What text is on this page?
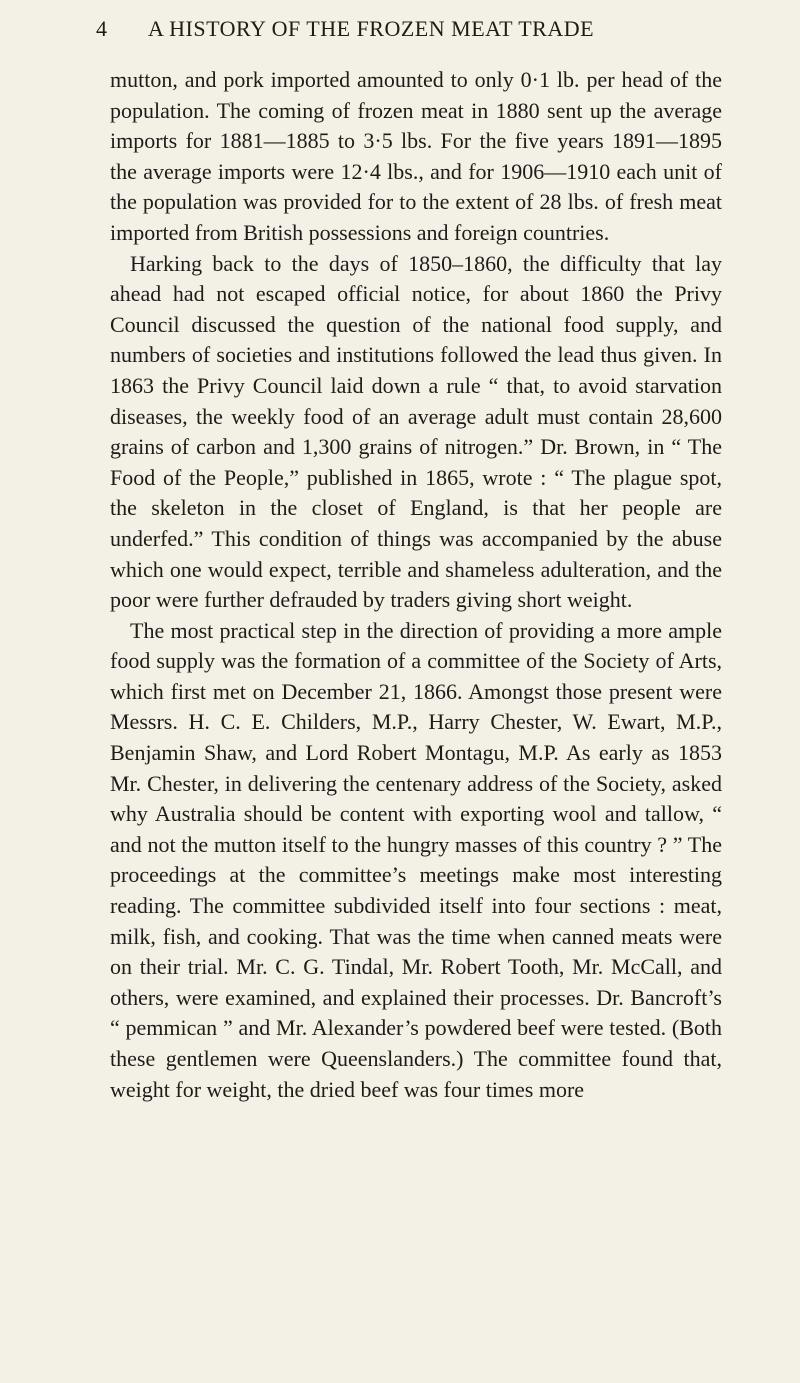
4 A HISTORY OF THE FROZEN MEAT TRADE

mutton, and pork imported amounted to only 0·1 lb. per head of the population. The coming of frozen meat in 1880 sent up the average imports for 1881—1885 to 3·5 lbs. For the five years 1891—1895 the average imports were 12·4 lbs., and for 1906—1910 each unit of the population was provided for to the extent of 28 lbs. of fresh meat imported from British possessions and foreign countries.

Harking back to the days of 1850–1860, the difficulty that lay ahead had not escaped official notice, for about 1860 the Privy Council discussed the question of the national food supply, and numbers of societies and institutions followed the lead thus given. In 1863 the Privy Council laid down a rule “ that, to avoid starvation diseases, the weekly food of an average adult must contain 28,600 grains of carbon and 1,300 grains of nitrogen.” Dr. Brown, in “ The Food of the People,” published in 1865, wrote : “ The plague spot, the skeleton in the closet of England, is that her people are underfed.” This condition of things was accompanied by the abuse which one would expect, terrible and shameless adulteration, and the poor were further defrauded by traders giving short weight.

The most practical step in the direction of providing a more ample food supply was the formation of a committee of the Society of Arts, which first met on December 21, 1866. Amongst those present were Messrs. H. C. E. Childers, M.P., Harry Chester, W. Ewart, M.P., Benjamin Shaw, and Lord Robert Montagu, M.P. As early as 1853 Mr. Chester, in delivering the centenary address of the Society, asked why Australia should be content with exporting wool and tallow, “ and not the mutton itself to the hungry masses of this country ? ” The proceedings at the committee’s meetings make most interesting reading. The committee subdivided itself into four sections : meat, milk, fish, and cooking. That was the time when canned meats were on their trial. Mr. C. G. Tindal, Mr. Robert Tooth, Mr. McCall, and others, were examined, and explained their processes. Dr. Bancroft’s “ pemmican ” and Mr. Alexander’s powdered beef were tested. (Both these gentlemen were Queenslanders.) The committee found that, weight for weight, the dried beef was four times more
